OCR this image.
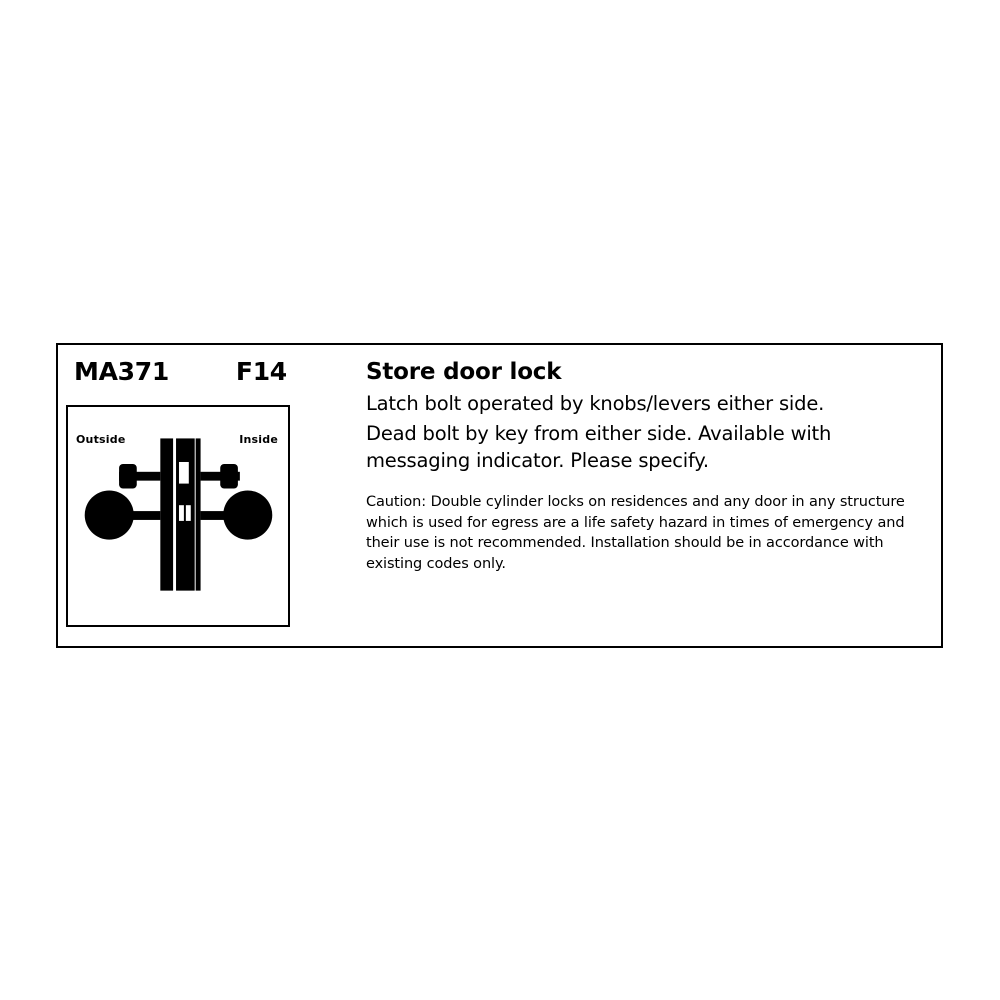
MA371	F14
Outside	Inside
Store door lock

Latch bolt operated by knobs/levers either side.

Dead bolt by key from either side. Available with messaging indicator. Please specify.

Caution: Double cylinder locks on residences and any door in any structure which is used for egress are a life safety hazard in times of emergency and their use is not recommended. Installation should be in accordance with existing codes only.
